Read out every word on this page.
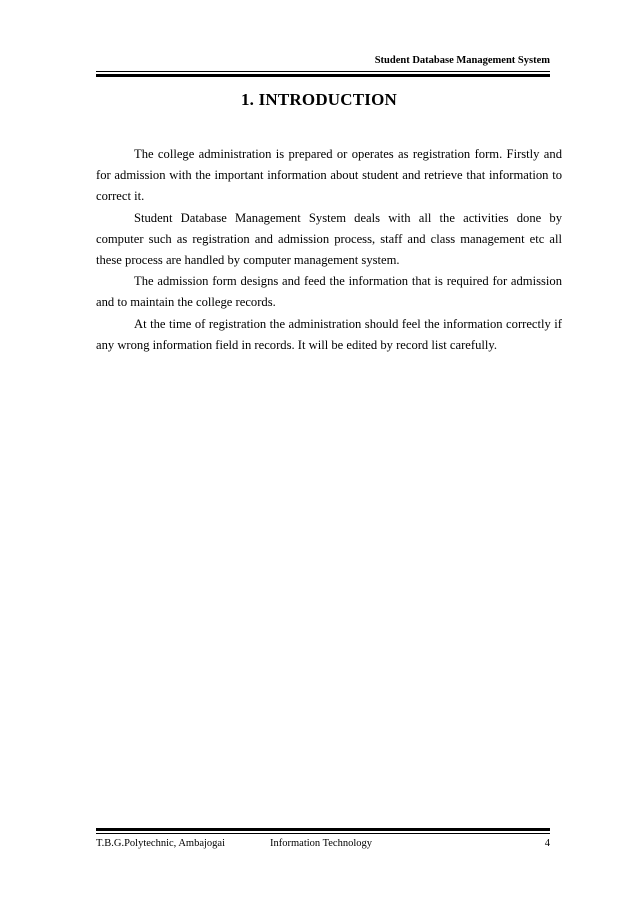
Student Database Management System
1. INTRODUCTION

The college administration is prepared or operates as registration form. Firstly and for admission with the important information about student and retrieve that information to correct it.

Student Database Management System deals with all the activities done by computer such as registration and admission process, staff and class management etc all these process are handled by computer management system.

The admission form designs and feed the information that is required for admission and to maintain the college records.

At the time of registration the administration should feel the information correctly if any wrong information field in records. It will be edited by record list carefully.

T.B.G.Polytechnic, Ambajogai	Information Technology	4
